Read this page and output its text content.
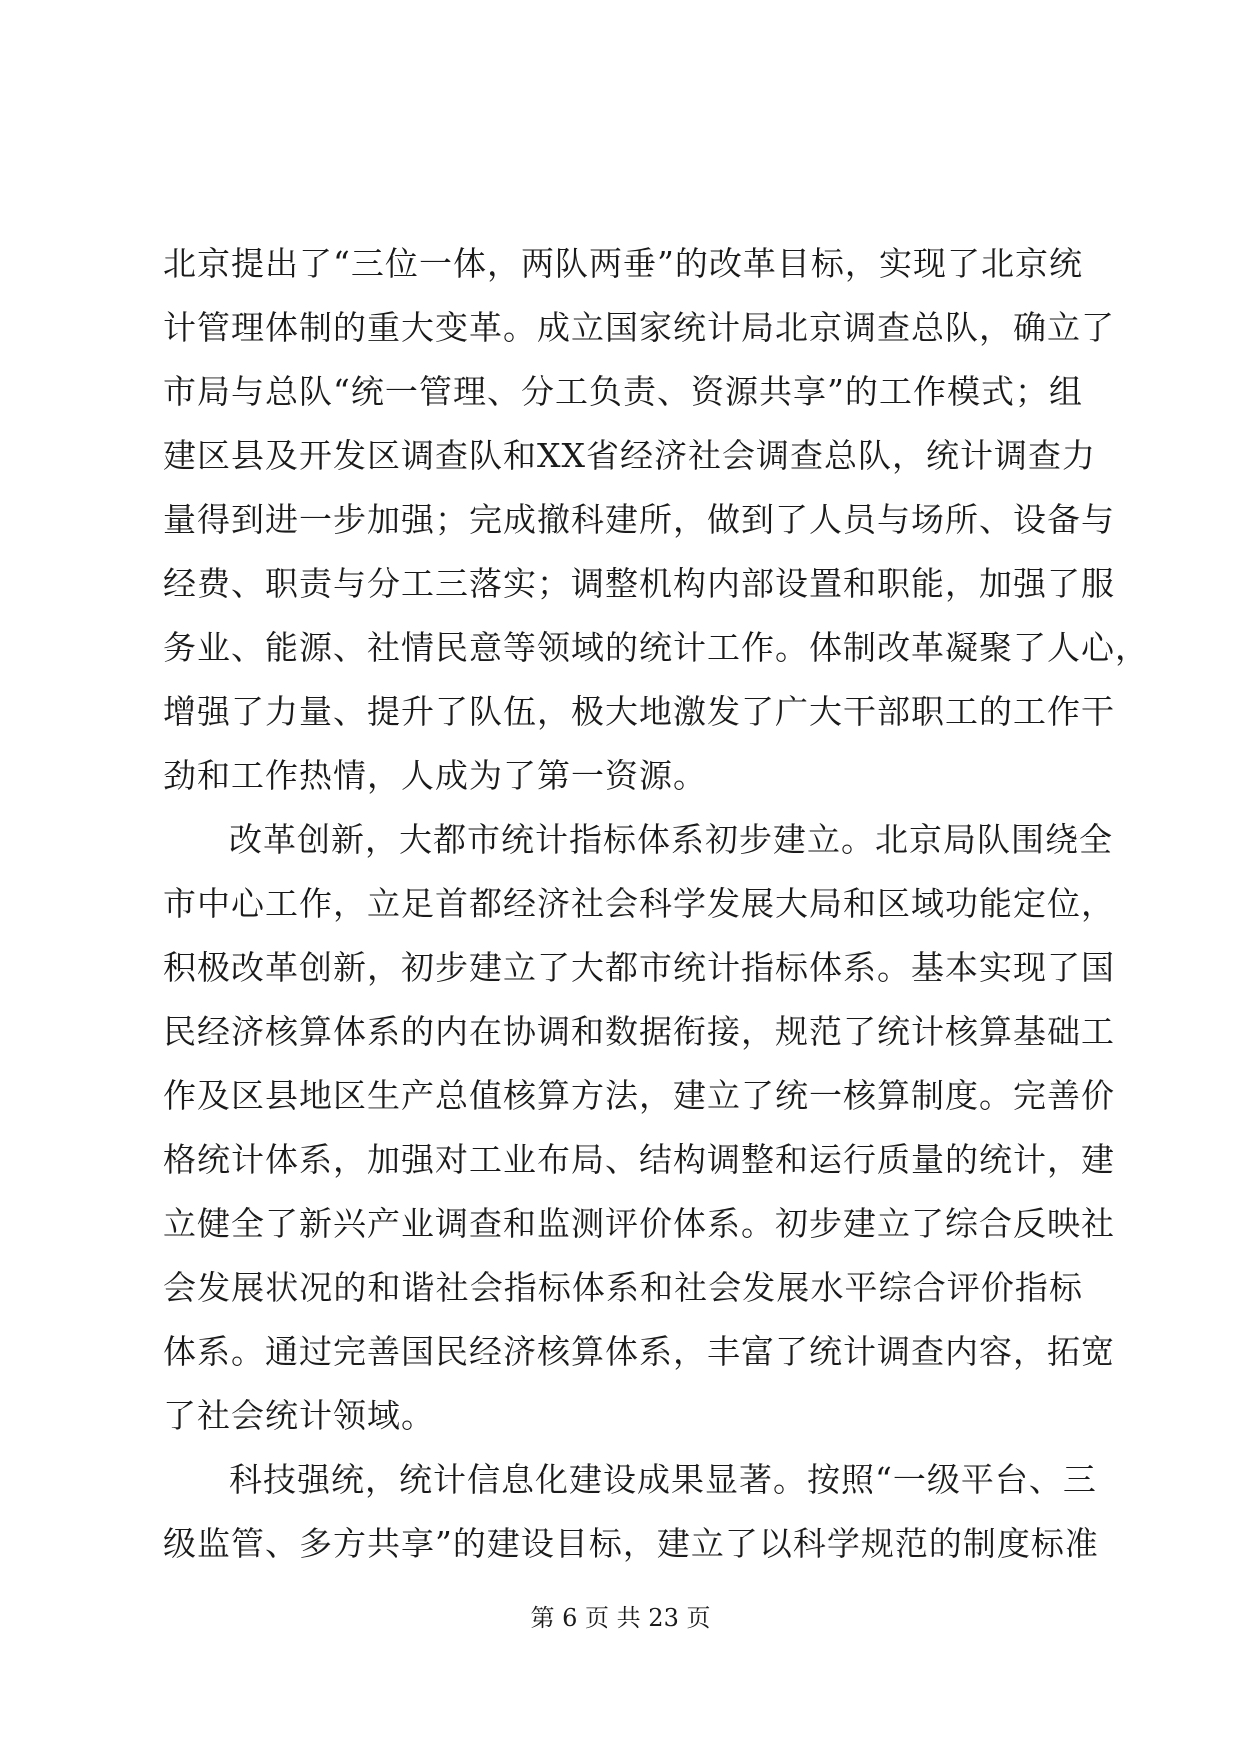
北京提出了“三位一体，两队两垂”的改革目标，实现了北京统
计管理体制的重大变革。成立国家统计局北京调查总队，确立了
市局与总队“统一管理、分工负责、资源共享”的工作模式；组
建区县及开发区调查队和XX省经济社会调查总队，统计调查力
量得到进一步加强；完成撤科建所，做到了人员与场所、设备与
经费、职责与分工三落实；调整机构内部设置和职能，加强了服
务业、能源、社情民意等领域的统计工作。体制改革凝聚了人心，
增强了力量、提升了队伍，极大地激发了广大干部职工的工作干
劲和工作热情，人成为了第一资源。
改革创新，大都市统计指标体系初步建立。北京局队围绕全
市中心工作，立足首都经济社会科学发展大局和区域功能定位，
积极改革创新，初步建立了大都市统计指标体系。基本实现了国
民经济核算体系的内在协调和数据衔接，规范了统计核算基础工
作及区县地区生产总值核算方法，建立了统一核算制度。完善价
格统计体系，加强对工业布局、结构调整和运行质量的统计，建
立健全了新兴产业调查和监测评价体系。初步建立了综合反映社
会发展状况的和谐社会指标体系和社会发展水平综合评价指标
体系。通过完善国民经济核算体系，丰富了统计调查内容，拓宽
了社会统计领域。
科技强统，统计信息化建设成果显著。按照“一级平台、三
级监管、多方共享”的建设目标，建立了以科学规范的制度标准
第 6 页 共 23 页
